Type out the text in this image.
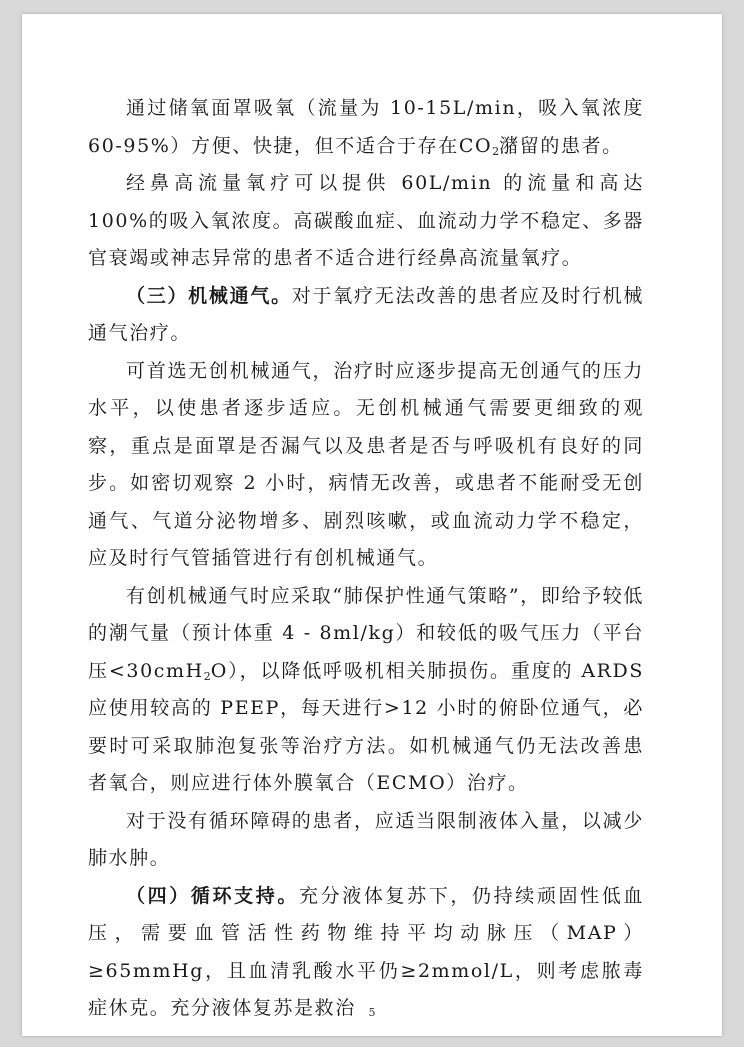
通过储氧面罩吸氧（流量为 10-15L/min，吸入氧浓度 60-95%）方便、快捷，但不适合于存在$CO_2$潴留的患者。

经鼻高流量氧疗可以提供 60L/min 的流量和高达 100%的吸入氧浓度。高碳酸血症、血流动力学不稳定、多器官衰竭或神志异常的患者不适合进行经鼻高流量氧疗。

（三）机械通气。对于氧疗无法改善的患者应及时行机械通气治疗。

可首选无创机械通气，治疗时应逐步提高无创通气的压力水平，以使患者逐步适应。无创机械通气需要更细致的观察，重点是面罩是否漏气以及患者是否与呼吸机有良好的同步。如密切观察 2 小时，病情无改善，或患者不能耐受无创通气、气道分泌物增多、剧烈咳嗽，或血流动力学不稳定，应及时行气管插管进行有创机械通气。

有创机械通气时应采取“肺保护性通气策略”，即给予较低的潮气量（预计体重 4 - 8ml/kg）和较低的吸气压力（平台压<30cmH$_2$O），以降低呼吸机相关肺损伤。重度的 ARDS 应使用较高的 PEEP，每天进行>12 小时的俯卧位通气，必要时可采取肺泡复张等治疗方法。如机械通气仍无法改善患者氧合，则应进行体外膜氧合（ECMO）治疗。

对于没有循环障碍的患者，应适当限制液体入量，以减少肺水肿。

（四）循环支持。充分液体复苏下，仍持续顽固性低血压，需要血管活性药物维持平均动脉压（MAP）≥65mmHg，且血清乳酸水平仍≥2mmol/L，则考虑脓毒症休克。充分液体复苏是救治	5
